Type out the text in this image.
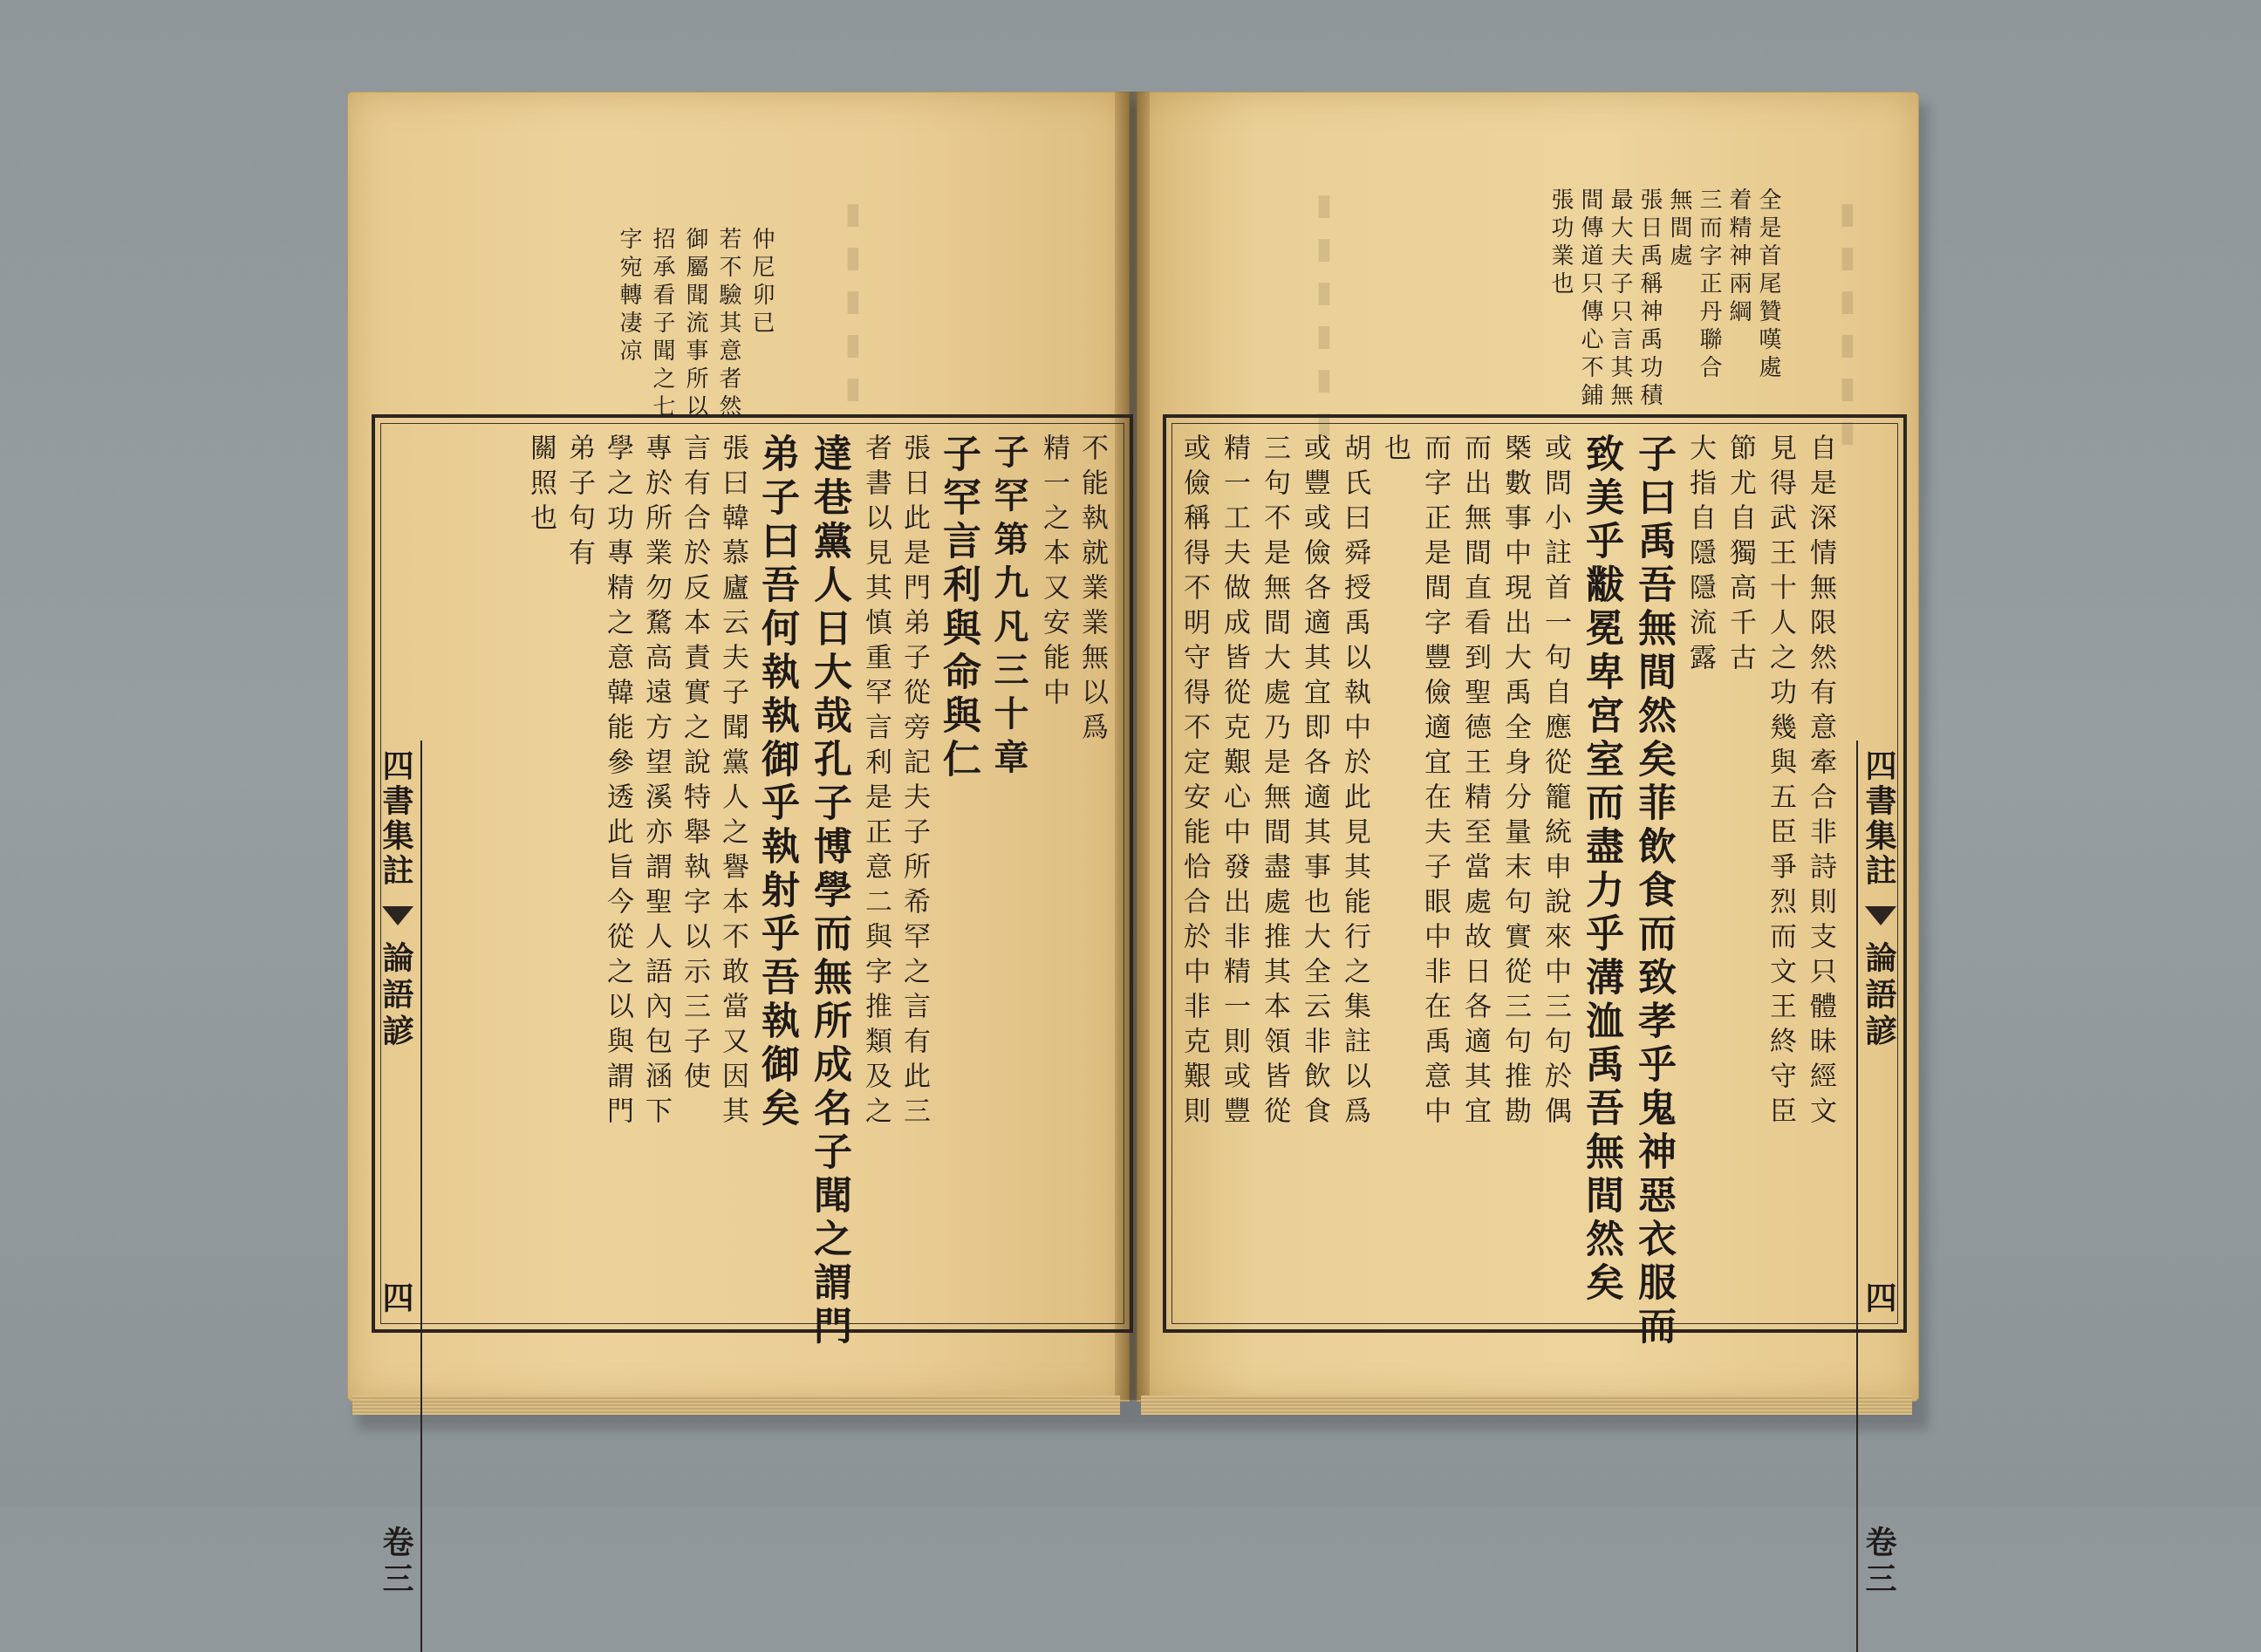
▮▮▮▮▮	▮▮▮▮▮▮	▮▮▮▮▮▮
仲尼卯已
若不驗其意者然
御屬聞流事所以
招承看子聞之七
字宛轉凄凉
四書集註
論語諺
四
卷三
不能執就業業無以爲
精一之本又安能中
子罕第九凡三十章
子罕言利與命與仁
張日此是門弟子從旁記夫子所希罕之言有此三
者書以見其慎重罕言利是正意二與字推類及之
達巷黨人日大哉孔子博學而無所成名子聞之謂門
弟子曰吾何執執御乎執射乎吾執御矣
張曰韓慕廬云夫子聞黨人之譽本不敢當又因其
言有合於反本責實之說特舉執字以示三子使
專於所業勿騖高遠方望溪亦謂聖人語內包涵下
學之功專精之意韓能參透此旨今從之以與謂門
弟子句有
關照也
全是首尾贊嘆處
着精神兩綱
三而字正丹聯合
無間處
張日禹稱神禹功積
最大夫子只言其無
間傳道只傳心不鋪
張功業也
四書集註
論語諺
四
卷三
自是深情無限然有意牽合非詩則支只體昧經文
見得武王十人之功幾與五臣爭烈而文王終守臣
節尤自獨高千古
大指自隱隱流露
子曰禹吾無間然矣菲飲食而致孝乎鬼神惡衣服而
致美乎黻冕卑宮室而盡力乎溝洫禹吾無間然矣
或問小註首一句自應從籠統申說來中三句於偶
槩數事中現出大禹全身分量末句實從三句推勘
而出無間直看到聖德王精至當處故日各適其宜
而字正是間字豐儉適宜在夫子眼中非在禹意中
也
胡氏曰舜授禹以執中於此見其能行之集註以爲
或豐或儉各適其宜即各適其事也大全云非飲食
三句不是無間大處乃是無間盡處推其本領皆從
精一工夫做成皆從克艱心中發出非精一則或豐
或儉稱得不明守得不定安能恰合於中非克艱則
